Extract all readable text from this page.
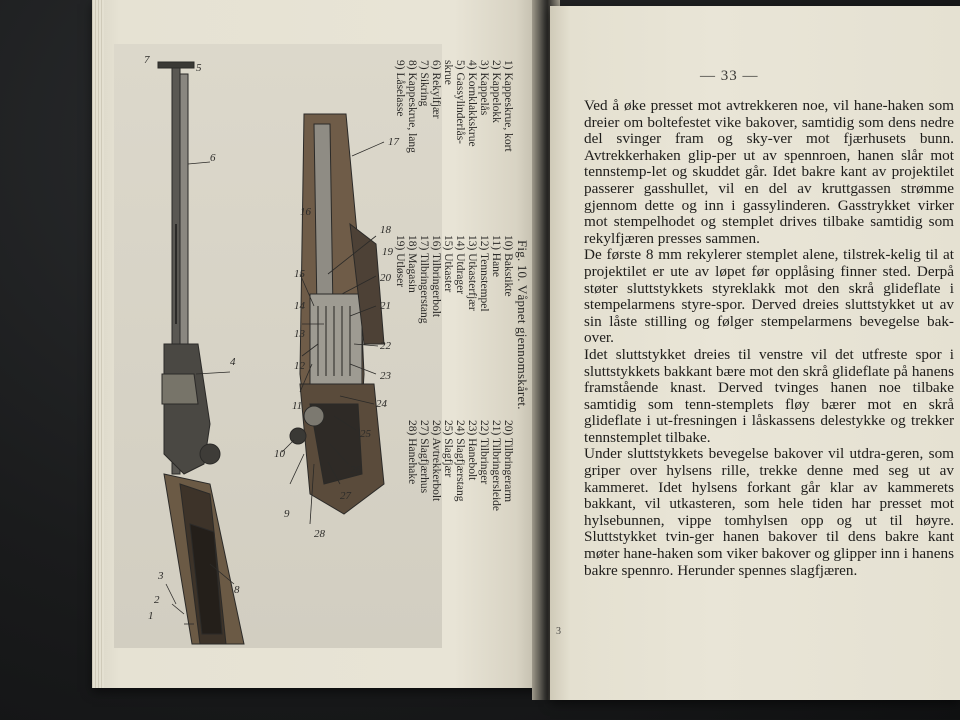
1
2
3
4
5
6
7
8
9
10
11
12
13
14
15
16
17
18
19
20
21
22
23
24
25
26
27
28
Fig. 10. Våpnet gjennomskåret.
1) Kappeskrue, kort
2) Kappelokk
3) Kappelås
4) Kornklakkskrue
5) Gassylinderlås-
skrue
6) Rekylfjær
7) Sikring
8) Kappeskrue, lang
9) Låselasse
10) Bakstikte
11) Hane
12) Tennstempel
13) Utkasterfjær
14) Utdrager
15) Utkaster
16) Tilbringerbolt
17) Tilbringerstang
18) Magasin
19) Utløser
20) Tilbringerarm
21) Tilbringersleide
22) Tilbringer
23) Hanebolt
24) Slagfjærstang
25) Slagfjær
26) Avtrekkerbolt
27) Slagfjærhus
28) Hanehake
— 33 —

Ved å øke presset mot avtrekkeren noe, vil hane-haken som dreier om boltefestet vike bakover, samtidig som dens nedre del svinger fram og sky-ver mot fjærhusets bunn. Avtrekkerhaken glip-per ut av spennroen, hanen slår mot tennstemp-let og skuddet går. Idet bakre kant av projektilet passerer gasshullet, vil en del av kruttgassen strømme gjennom dette og inn i gassylinderen. Gasstrykket virker mot stempelhodet og stemplet drives tilbake samtidig som rekylfjæren presses sammen.

De første 8 mm rekylerer stemplet alene, tilstrek-kelig til at projektilet er ute av løpet før opplåsing finner sted. Derpå støter sluttstykkets styreklakk mot den skrå glideflate i stempelarmens styre-spor. Derved dreies sluttstykket ut av sin låste stilling og følger stempelarmens bevegelse bak-over.

Idet sluttstykket dreies til venstre vil det utfreste spor i sluttstykkets bakkant bære mot den skrå glideflate på hanens framstående knast. Derved tvinges hanen noe tilbake samtidig som tenn-stemplets fløy bærer mot en skrå glideflate i ut-fresningen i låskassens delestykke og trekker tennstemplet tilbake.

Under sluttstykkets bevegelse bakover vil utdra-geren, som griper over hylsens rille, trekke denne med seg ut av kammeret. Idet hylsens forkant går klar av kammerets bakkant, vil utkasteren, som hele tiden har presset mot hylsebunnen, vippe tomhylsen opp og ut til høyre. Sluttstykket tvin-ger hanen bakover til dens bakre kant møter hane-haken som viker bakover og glipper inn i hanens bakre spennro. Herunder spennes slagfjæren.

3
